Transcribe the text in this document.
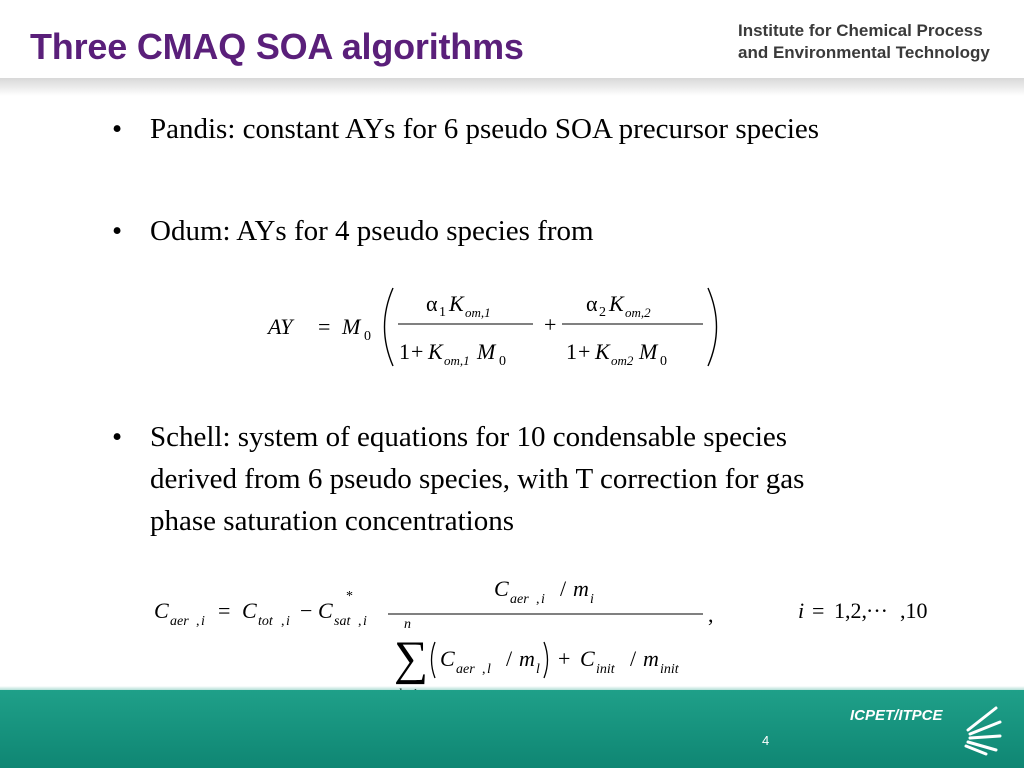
Three CMAQ SOA algorithms	Institute for Chemical Process
and Environmental Technology
• Pandis: constant AYs for 6 pseudo SOA precursor species
• Odum: AYs for 4 pseudo species from
AY = M 0
α 1 K om,1
1 + K om,1 M 0
+
α 2 K om,2
1 + K om2 M 0
• Schell: system of equations for 10 condensable species
derived from 6 pseudo species, with T correction for gas
phase saturation concentrations
C aer , i = C tot , i − C
*
sat , i
C aer , i / m i
,
n
∑ C aer , l / m l + C init / m init
i = 1,2, ··· ,10
ICPET/ITPCE
4
